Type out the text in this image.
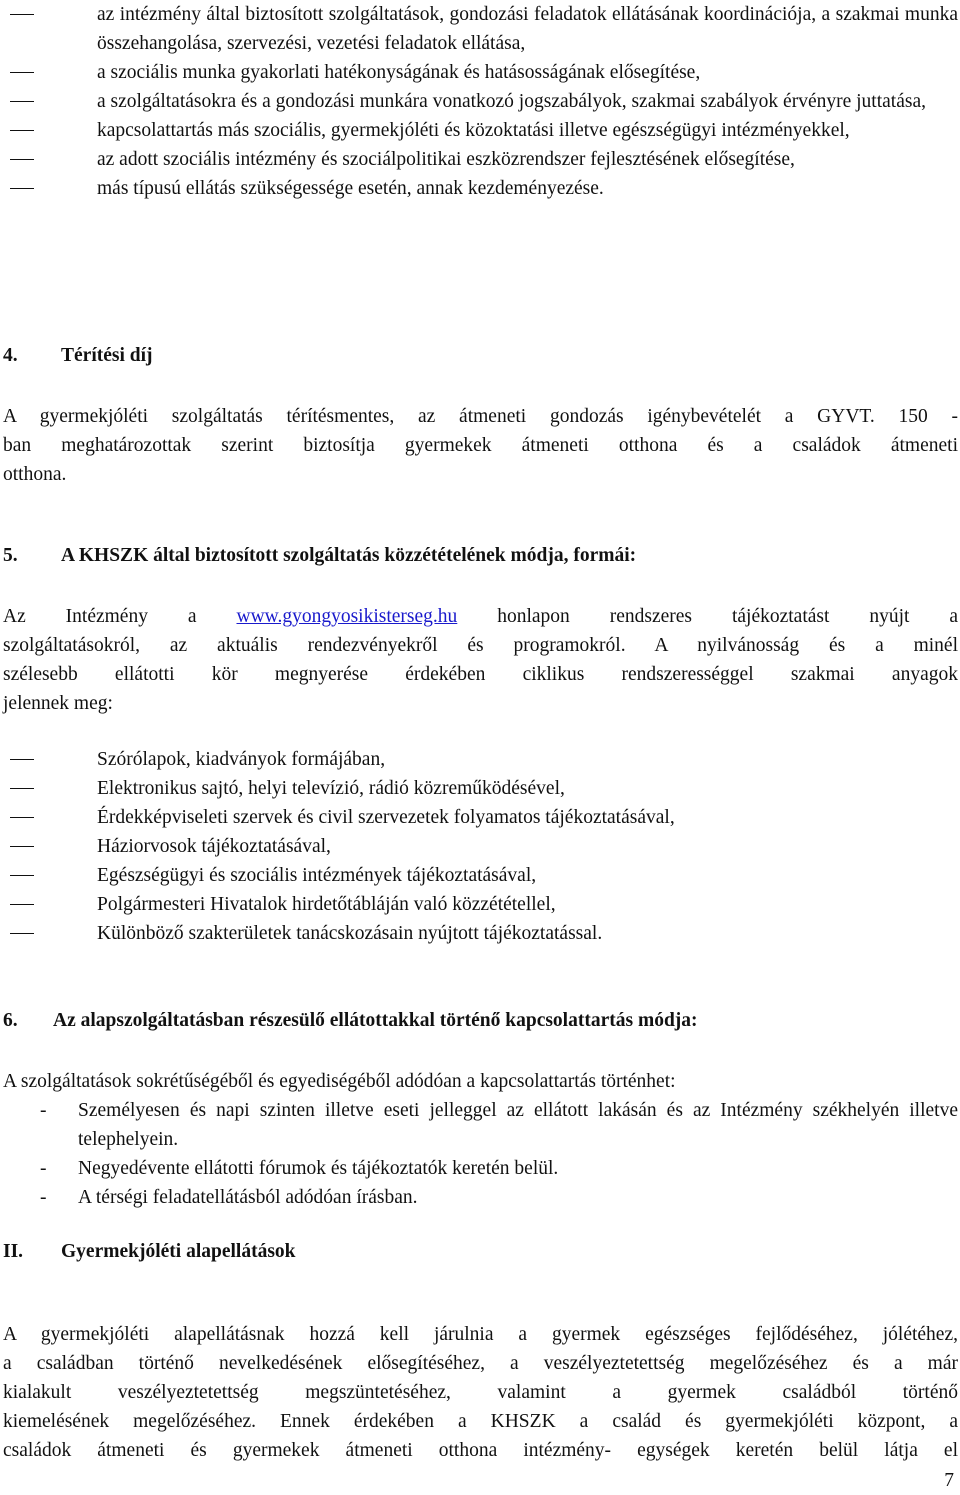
az intézmény által biztosított szolgáltatások, gondozási feladatok ellátásának koordinációja, a szakmai munka összehangolása, szervezési, vezetési feladatok ellátása,
a szociális munka gyakorlati hatékonyságának és hatásosságának elősegítése,
a szolgáltatásokra és a gondozási munkára vonatkozó jogszabályok, szakmai szabályok érvényre juttatása,
kapcsolattartás más szociális, gyermekjóléti és közoktatási illetve egészségügyi intézményekkel,
az adott szociális intézmény és szociálpolitikai eszközrendszer fejlesztésének elősegítése,
más típusú ellátás szükségessége esetén, annak kezdeményezése.
4. Térítési díj
A gyermekjóléti szolgáltatás térítésmentes, az átmeneti gondozás igénybevételét a GYVT. 150 -
ban meghatározottak szerint biztosítja gyermekek átmeneti otthona és a családok átmeneti
otthona.
5. A KHSZK által biztosított szolgáltatás közzétételének módja, formái:
Az Intézmény a www.gyongyosikisterseg.hu honlapon rendszeres tájékoztatást nyújt a
szolgáltatásokról, az aktuális rendezvényekről és programokról. A nyilvánosság és a minél
szélesebb ellátotti kör megnyerése érdekében ciklikus rendszerességgel szakmai anyagok
jelennek meg:
Szórólapok, kiadványok formájában,
Elektronikus sajtó, helyi televízió, rádió közreműködésével,
Érdekképviseleti szervek és civil szervezetek folyamatos tájékoztatásával,
Háziorvosok tájékoztatásával,
Egészségügyi és szociális intézmények tájékoztatásával,
Polgármesteri Hivatalok hirdetőtábláján való közzététellel,
Különböző szakterületek tanácskozásain nyújtott tájékoztatással.
6. Az alapszolgáltatásban részesülő ellátottakkal történő kapcsolattartás módja:
A szolgáltatások sokrétűségéből és egyediségéből adódóan a kapcsolattartás történhet:
- Személyesen és napi szinten illetve eseti jelleggel az ellátott lakásán és az Intézmény székhelyén illetve telephelyein.
- Negyedévente ellátotti fórumok és tájékoztatók keretén belül.
- A térségi feladatellátásból adódóan írásban.
II. Gyermekjóléti alapellátások
A gyermekjóléti alapellátásnak hozzá kell járulnia a gyermek egészséges fejlődéséhez, jólétéhez,
a családban történő nevelkedésének elősegítéséhez, a veszélyeztetettség megelőzéséhez és a már
kialakult veszélyeztetettség megszüntetéséhez, valamint a gyermek családból történő
kiemelésének megelőzéséhez. Ennek érdekében a KHSZK a család és gyermekjóléti központ, a
családok átmeneti és gyermekek átmeneti otthona intézmény- egységek keretén belül látja el
7
